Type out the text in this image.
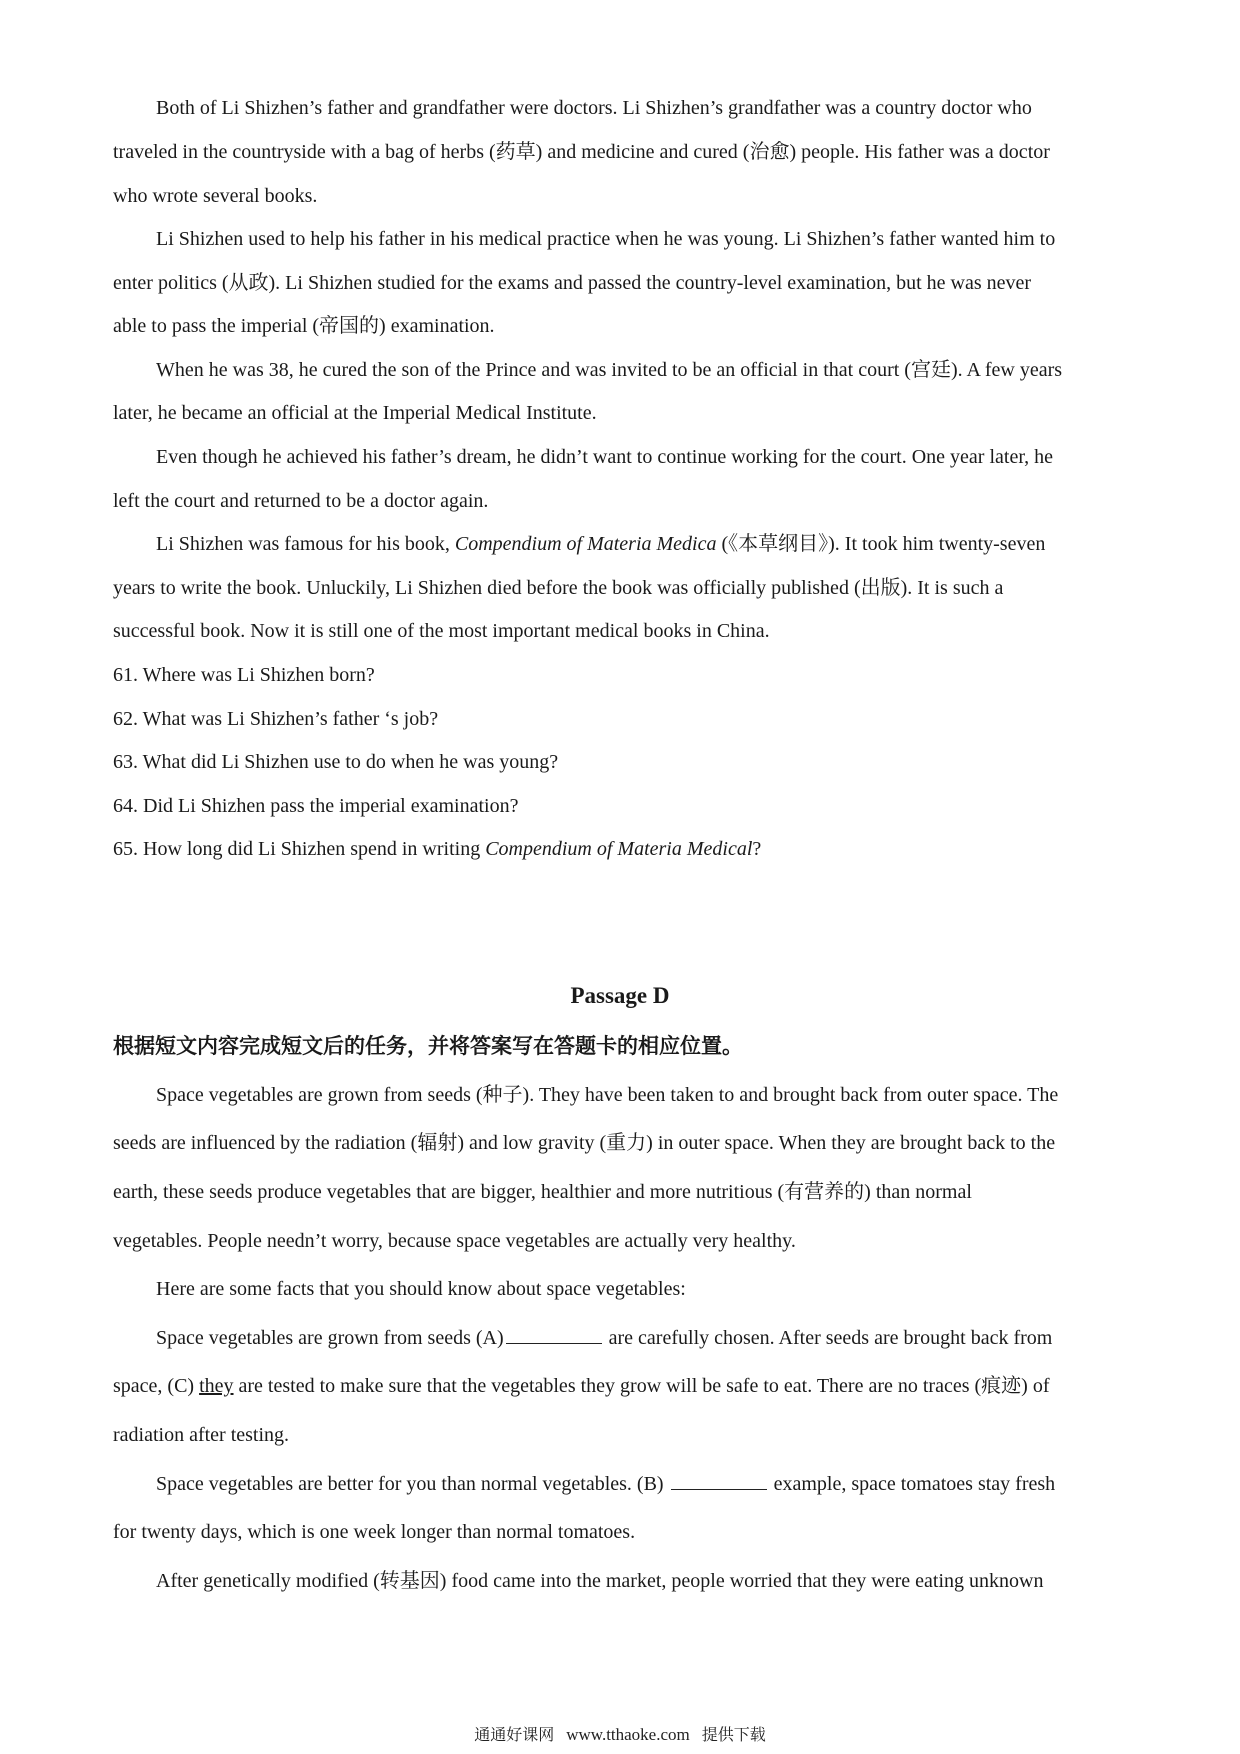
Both of Li Shizhen’s father and grandfather were doctors. Li Shizhen’s grandfather was a country doctor who
traveled in the countryside with a bag of herbs (药草) and medicine and cured (治愈) people. His father was a doctor
who wrote several books.
Li Shizhen used to help his father in his medical practice when he was young. Li Shizhen’s father wanted him to
enter politics (从政). Li Shizhen studied for the exams and passed the country-level examination, but he was never
able to pass the imperial (帝国的) examination.
When he was 38, he cured the son of the Prince and was invited to be an official in that court (宫廷). A few years
later, he became an official at the Imperial Medical Institute.
Even though he achieved his father’s dream, he didn’t want to continue working for the court. One year later, he
left the court and returned to be a doctor again.
Li Shizhen was famous for his book, Compendium of Materia Medica (《本草纲目》). It took him twenty-seven
years to write the book. Unluckily, Li Shizhen died before the book was officially published (出版). It is such a
successful book. Now it is still one of the most important medical books in China.
61. Where was Li Shizhen born?
62. What was Li Shizhen’s father ‘s job?
63. What did Li Shizhen use to do when he was young?
64. Did Li Shizhen pass the imperial examination?
65. How long did Li Shizhen spend in writing Compendium of Materia Medical?
Passage D
根据短文内容完成短文后的任务，并将答案写在答题卡的相应位置。
Space vegetables are grown from seeds (种子). They have been taken to and brought back from outer space. The
seeds are influenced by the radiation (辐射) and low gravity (重力) in outer space. When they are brought back to the
earth, these seeds produce vegetables that are bigger, healthier and more nutritious (有营养的) than normal
vegetables. People needn’t worry, because space vegetables are actually very healthy.
Here are some facts that you should know about space vegetables:
Space vegetables are grown from seeds (A)	are carefully chosen. After seeds are brought back from
space, (C) they are tested to make sure that the vegetables they grow will be safe to eat. There are no traces (痕迹) of
radiation after testing.
Space vegetables are better for you than normal vegetables. (B)	example, space tomatoes stay fresh
for twenty days, which is one week longer than normal tomatoes.
After genetically modified (转基因) food came into the market, people worried that they were eating unknown
通通好课网 www.tthaoke.com 提供下载
